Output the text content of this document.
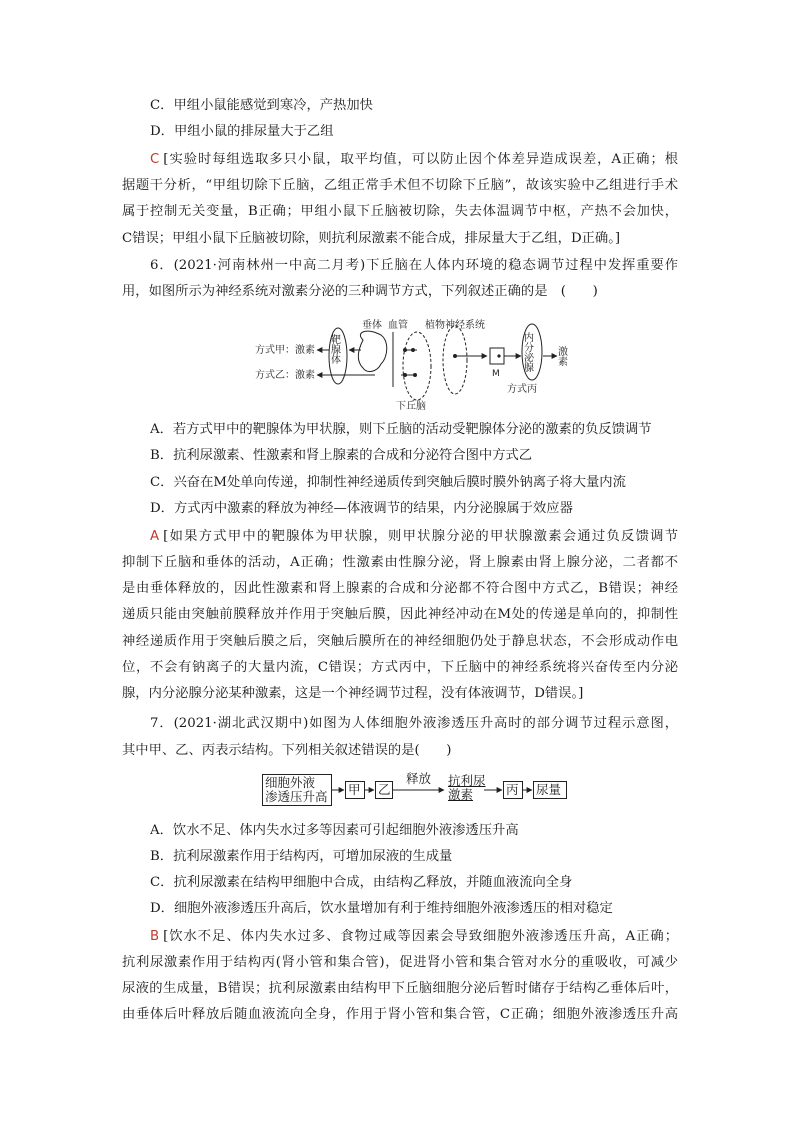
C．甲组小鼠能感觉到寒冷，产热加快
D．甲组小鼠的排尿量大于乙组
C [实验时每组选取多只小鼠，取平均值，可以防止因个体差异造成误差，A正确；根
据题干分析，“甲组切除下丘脑，乙组正常手术但不切除下丘脑”，故该实验中乙组进行手术
属于控制无关变量，B正确；甲组小鼠下丘脑被切除，失去体温调节中枢，产热不会加快，
C错误；甲组小鼠下丘脑被切除，则抗利尿激素不能合成，排尿量大于乙组，D正确。]
6．(2021·河南林州一中高二月考)下丘脑在人体内环境的稳态调节过程中发挥重要作
用，如图所示为神经系统对激素分泌的三种调节方式，下列叙述正确的是　(　　)
垂体 血管 植物神经系统
靶腺体
方式甲：激素
方式乙：激素
下丘脑
M
内分泌腺 激素
方式丙
A．若方式甲中的靶腺体为甲状腺，则下丘脑的活动受靶腺体分泌的激素的负反馈调节
B．抗利尿激素、性激素和肾上腺素的合成和分泌符合图中方式乙
C．兴奋在M处单向传递，抑制性神经递质传到突触后膜时膜外钠离子将大量内流
D．方式丙中激素的释放为神经—体液调节的结果，内分泌腺属于效应器
A [如果方式甲中的靶腺体为甲状腺，则甲状腺分泌的甲状腺激素会通过负反馈调节
抑制下丘脑和垂体的活动，A正确；性激素由性腺分泌，肾上腺素由肾上腺分泌，二者都不
是由垂体释放的，因此性激素和肾上腺素的合成和分泌都不符合图中方式乙，B错误；神经
递质只能由突触前膜释放并作用于突触后膜，因此神经冲动在M处的传递是单向的，抑制性
神经递质作用于突触后膜之后，突触后膜所在的神经细胞仍处于静息状态，不会形成动作电
位，不会有钠离子的大量内流，C错误；方式丙中，下丘脑中的神经系统将兴奋传至内分泌
腺，内分泌腺分泌某种激素，这是一个神经调节过程，没有体液调节，D错误。]
7．(2021·湖北武汉期中)如图为人体细胞外液渗透压升高时的部分调节过程示意图，
其中甲、乙、丙表示结构。下列相关叙述错误的是(　　)
细胞外液
渗透压升高 甲	乙
释放 抗利尿
激素	丙	尿量
A．饮水不足、体内失水过多等因素可引起细胞外液渗透压升高
B．抗利尿激素作用于结构丙，可增加尿液的生成量
C．抗利尿激素在结构甲细胞中合成，由结构乙释放，并随血液流向全身
D．细胞外液渗透压升高后，饮水量增加有利于维持细胞外液渗透压的相对稳定
B [饮水不足、体内失水过多、食物过咸等因素会导致细胞外液渗透压升高，A正确；
抗利尿激素作用于结构丙(肾小管和集合管)，促进肾小管和集合管对水分的重吸收，可减少
尿液的生成量，B错误；抗利尿激素由结构甲下丘脑细胞分泌后暂时储存于结构乙垂体后叶，
由垂体后叶释放后随血液流向全身，作用于肾小管和集合管，C正确；细胞外液渗透压升高
